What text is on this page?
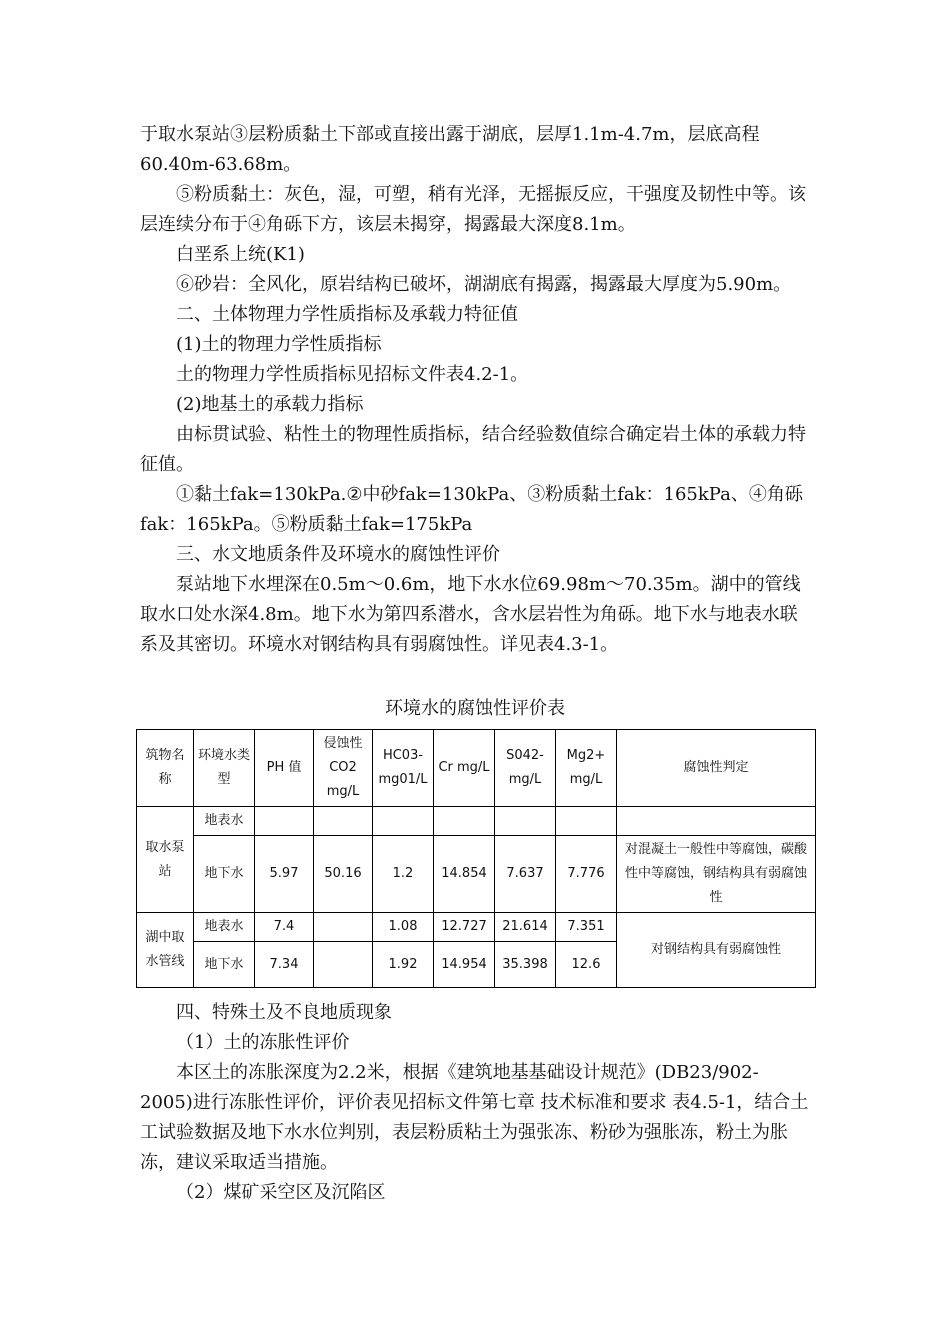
于取水泵站③层粉质黏土下部或直接出露于湖底，层厚1.1m-4.7m，层底高程60.40m-63.68m。

⑤粉质黏土：灰色，湿，可塑，稍有光泽，无摇振反应，干强度及韧性中等。该层连续分布于④角砾下方，该层未揭穿，揭露最大深度8.1m。

白垩系上统(K1)

⑥砂岩：全风化，原岩结构已破坏，湖湖底有揭露，揭露最大厚度为5.90m。

二、土体物理力学性质指标及承载力特征值

(1)土的物理力学性质指标

土的物理力学性质指标见招标文件表4.2-1。

(2)地基土的承载力指标

由标贯试验、粘性土的物理性质指标，结合经验数值综合确定岩土体的承载力特征值。

①黏土fak=130kPa.②中砂fak=130kPa、③粉质黏土fak：165kPa、④角砾fak：165kPa。⑤粉质黏土fak=175kPa

三、水文地质条件及环境水的腐蚀性评价

泵站地下水埋深在0.5m～0.6m，地下水水位69.98m～70.35m。湖中的管线取水口处水深4.8m。地下水为第四系潜水，含水层岩性为角砾。地下水与地表水联系及其密切。环境水对钢结构具有弱腐蚀性。详见表4.3-1。

环境水的腐蚀性评价表
筑物名称	环境水类型	PH 值	侵蚀性CO2 mg/L	HC03-mg01/L	Cr mg/L	S042-mg/L	Mg2+ mg/L	腐蚀性判定
取水泵站	地表水							
	地下水	5.97	50.16	1.2	14.854	7.637	7.776	对混凝土一般性中等腐蚀，碳酸性中等腐蚀，钢结构具有弱腐蚀性
湖中取水管线	地表水	7.4		1.08	12.727	21.614	7.351	对钢结构具有弱腐蚀性
	地下水	7.34		1.92	14.954	35.398	12.6	

四、特殊土及不良地质现象

（1）土的冻胀性评价

本区土的冻胀深度为2.2米，根据《建筑地基基础设计规范》(DB23/902-2005)进行冻胀性评价，评价表见招标文件第七章 技术标准和要求 表4.5-1，结合土工试验数据及地下水水位判别，表层粉质粘土为强张冻、粉砂为强胀冻，粉土为胀冻，建议采取适当措施。

（2）煤矿采空区及沉陷区
